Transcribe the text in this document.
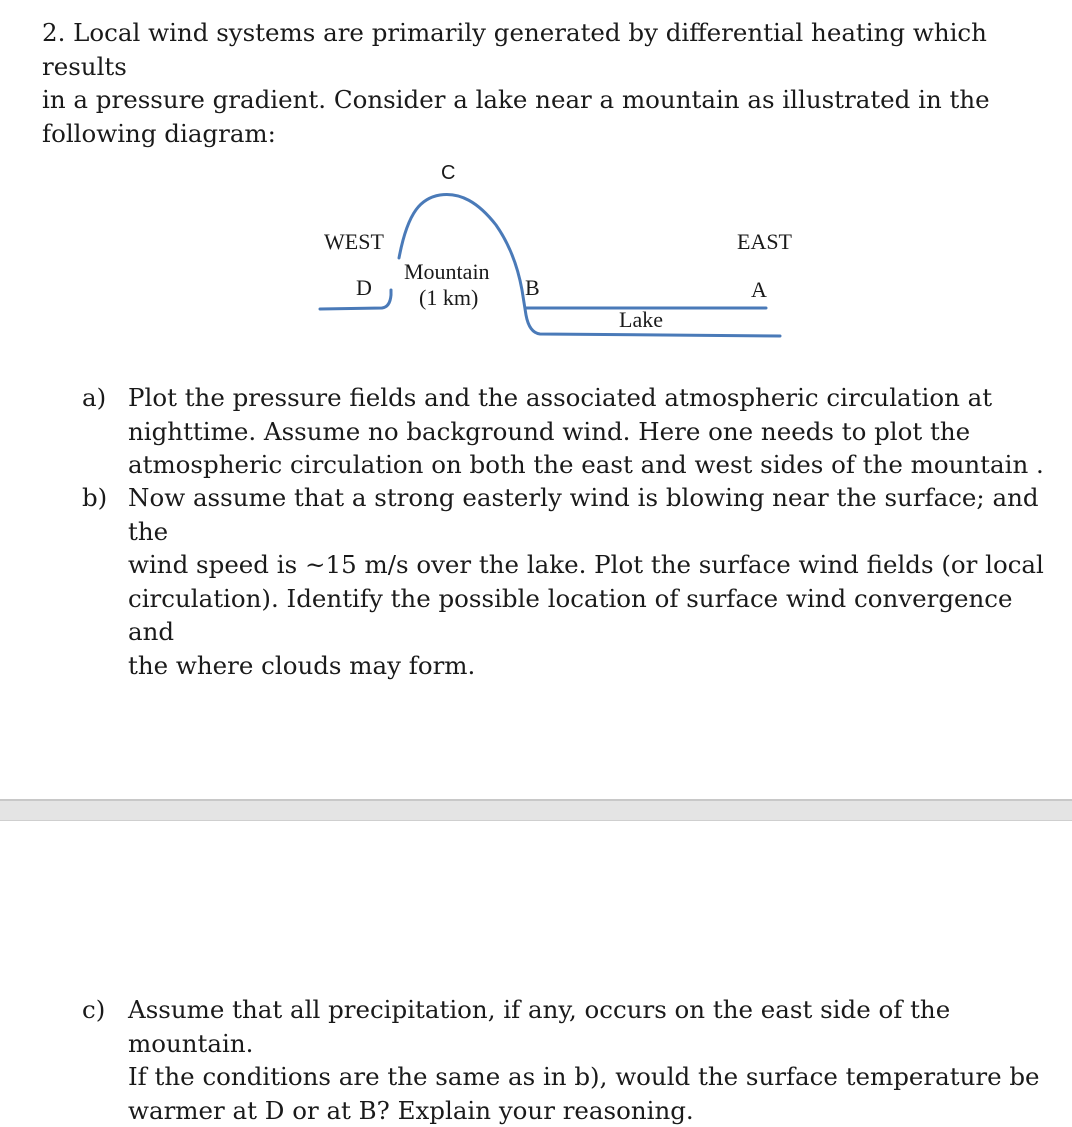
2. Local wind systems are primarily generated by differential heating which results
in a pressure gradient. Consider a lake near a mountain as illustrated in the
following diagram:

C
WEST	EAST
D
Mountain
(1 km) B	A
Lake
a) Plot the pressure fields and the associated atmospheric circulation at
nighttime. Assume no background wind. Here one needs to plot the
atmospheric circulation on both the east and west sides of the mountain .
b) Now assume that a strong easterly wind is blowing near the surface; and the
wind speed is ~15 m/s over the lake. Plot the surface wind fields (or local
circulation). Identify the possible location of surface wind convergence and
the where clouds may form.
c) Assume that all precipitation, if any, occurs on the east side of the mountain.
If the conditions are the same as in b), would the surface temperature be
warmer at D or at B? Explain your reasoning.
